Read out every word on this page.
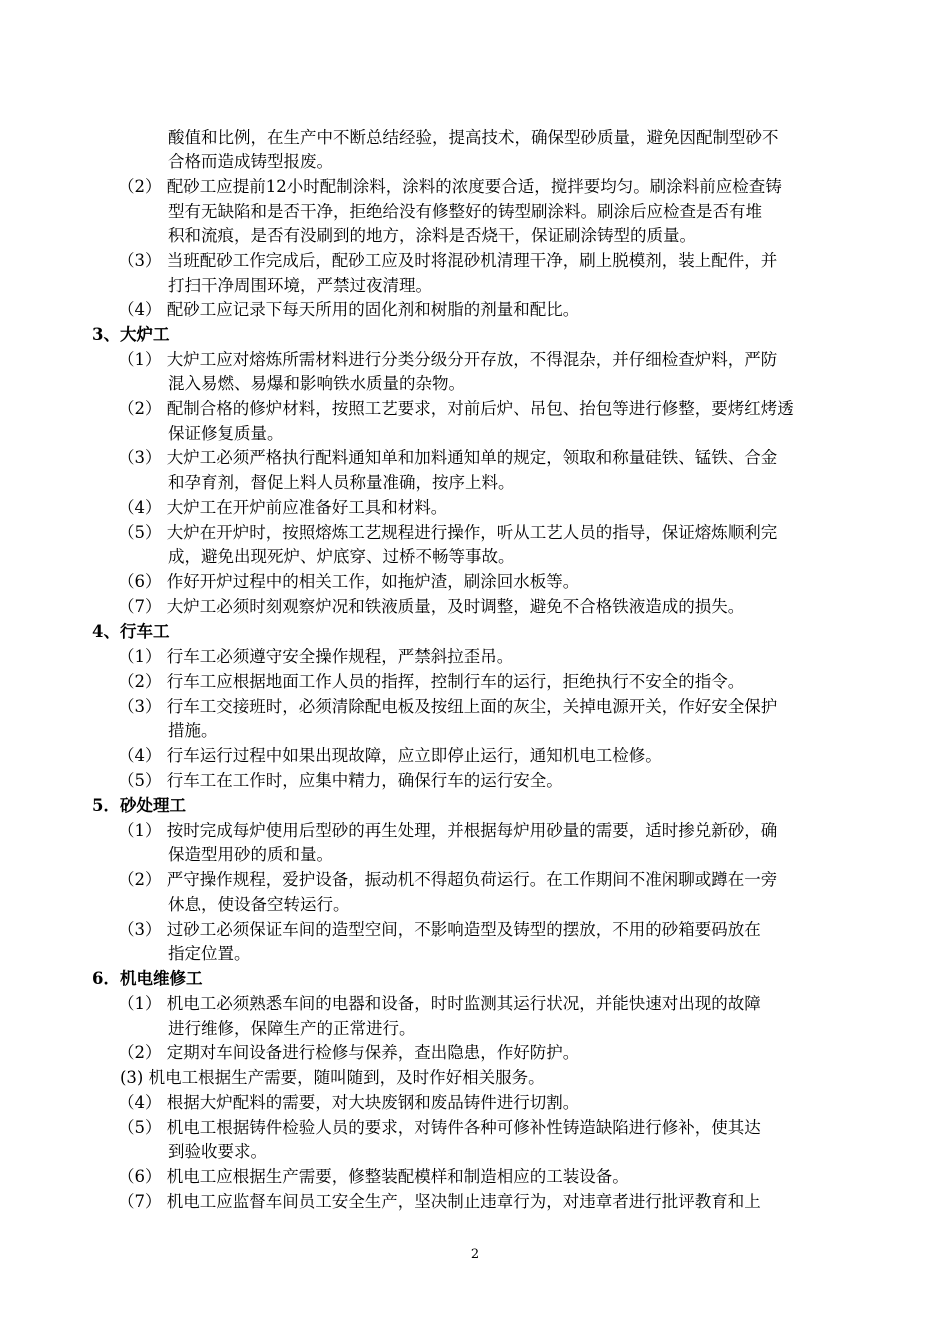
2
酸值和比例，在生产中不断总结经验，提高技术，确保型砂质量，避免因配制型砂不
合格而造成铸型报废。
（2） 配砂工应提前12小时配制涂料，涂料的浓度要合适，搅拌要均匀。刷涂料前应检查铸
型有无缺陷和是否干净，拒绝给没有修整好的铸型刷涂料。刷涂后应检查是否有堆
积和流痕，是否有没刷到的地方，涂料是否烧干，保证刷涂铸型的质量。
（3） 当班配砂工作完成后，配砂工应及时将混砂机清理干净，刷上脱模剂，装上配件，并
打扫干净周围环境，严禁过夜清理。
（4） 配砂工应记录下每天所用的固化剂和树脂的剂量和配比。
3、大炉工
（1） 大炉工应对熔炼所需材料进行分类分级分开存放，不得混杂，并仔细检查炉料，严防
混入易燃、易爆和影响铁水质量的杂物。
（2） 配制合格的修炉材料，按照工艺要求，对前后炉、吊包、抬包等进行修整，要烤红烤透
保证修复质量。
（3） 大炉工必须严格执行配料通知单和加料通知单的规定，领取和称量硅铁、锰铁、合金
和孕育剂，督促上料人员称量准确，按序上料。
（4） 大炉工在开炉前应准备好工具和材料。
（5） 大炉在开炉时，按照熔炼工艺规程进行操作，听从工艺人员的指导，保证熔炼顺利完
成，避免出现死炉、炉底穿、过桥不畅等事故。
（6） 作好开炉过程中的相关工作，如拖炉渣，刷涂回水板等。
（7） 大炉工必须时刻观察炉况和铁液质量，及时调整，避免不合格铁液造成的损失。
4、行车工
（1） 行车工必须遵守安全操作规程，严禁斜拉歪吊。
（2） 行车工应根据地面工作人员的指挥，控制行车的运行，拒绝执行不安全的指令。
（3） 行车工交接班时，必须清除配电板及按纽上面的灰尘，关掉电源开关，作好安全保护
措施。
（4） 行车运行过程中如果出现故障，应立即停止运行，通知机电工检修。
（5） 行车工在工作时，应集中精力，确保行车的运行安全。
5．砂处理工
（1） 按时完成每炉使用后型砂的再生处理，并根据每炉用砂量的需要，适时掺兑新砂，确
保造型用砂的质和量。
（2） 严守操作规程，爱护设备，振动机不得超负荷运行。在工作期间不准闲聊或蹲在一旁
休息，使设备空转运行。
（3） 过砂工必须保证车间的造型空间，不影响造型及铸型的摆放，不用的砂箱要码放在
指定位置。
6．机电维修工
（1） 机电工必须熟悉车间的电器和设备，时时监测其运行状况，并能快速对出现的故障
进行维修，保障生产的正常进行。
（2） 定期对车间设备进行检修与保养，查出隐患，作好防护。
(3) 机电工根据生产需要，随叫随到，及时作好相关服务。
（4） 根据大炉配料的需要，对大块废钢和废品铸件进行切割。
（5） 机电工根据铸件检验人员的要求，对铸件各种可修补性铸造缺陷进行修补，使其达
到验收要求。
（6） 机电工应根据生产需要，修整装配模样和制造相应的工装设备。
（7） 机电工应监督车间员工安全生产，坚决制止违章行为，对违章者进行批评教育和上
